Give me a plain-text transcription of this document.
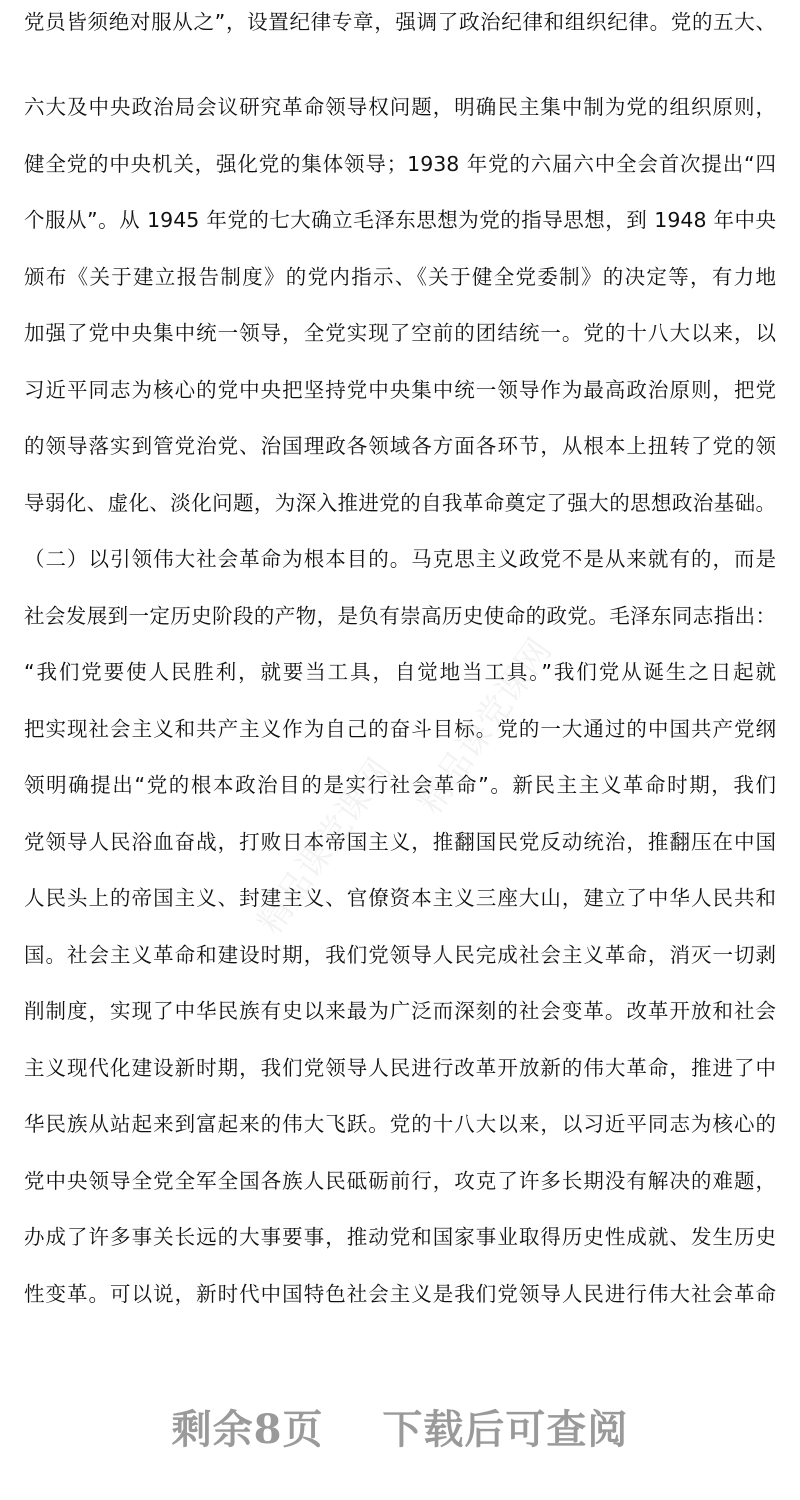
党员皆须绝对服从之”，设置纪律专章，强调了政治纪律和组织纪律。党的五大、
六大及中央政治局会议研究革命领导权问题，明确民主集中制为党的组织原则，
健全党的中央机关，强化党的集体领导；1938 年党的六届六中全会首次提出“四
个服从”。从 1945 年党的七大确立毛泽东思想为党的指导思想，到 1948 年中央
颁布《关于建立报告制度》的党内指示、《关于健全党委制》的决定等，有力地
加强了党中央集中统一领导，全党实现了空前的团结统一。党的十八大以来，以
习近平同志为核心的党中央把坚持党中央集中统一领导作为最高政治原则，把党
的领导落实到管党治党、治国理政各领域各方面各环节，从根本上扭转了党的领
导弱化、虚化、淡化问题，为深入推进党的自我革命奠定了强大的思想政治基础。
（二）以引领伟大社会革命为根本目的。马克思主义政党不是从来就有的，而是
社会发展到一定历史阶段的产物，是负有崇高历史使命的政党。毛泽东同志指出：
“我们党要使人民胜利，就要当工具，自觉地当工具。”我们党从诞生之日起就
把实现社会主义和共产主义作为自己的奋斗目标。党的一大通过的中国共产党纲
领明确提出“党的根本政治目的是实行社会革命”。新民主主义革命时期，我们
党领导人民浴血奋战，打败日本帝国主义，推翻国民党反动统治，推翻压在中国
人民头上的帝国主义、封建主义、官僚资本主义三座大山，建立了中华人民共和
国。社会主义革命和建设时期，我们党领导人民完成社会主义革命，消灭一切剥
削制度，实现了中华民族有史以来最为广泛而深刻的社会变革。改革开放和社会
主义现代化建设新时期，我们党领导人民进行改革开放新的伟大革命，推进了中
华民族从站起来到富起来的伟大飞跃。党的十八大以来，以习近平同志为核心的
党中央领导全党全军全国各族人民砥砺前行，攻克了许多长期没有解决的难题，
办成了许多事关长远的大事要事，推动党和国家事业取得历史性成就、发生历史
性变革。可以说，新时代中国特色社会主义是我们党领导人民进行伟大社会革命
精品课党课网
精品课党课网
剩余8页 下载后可查阅
